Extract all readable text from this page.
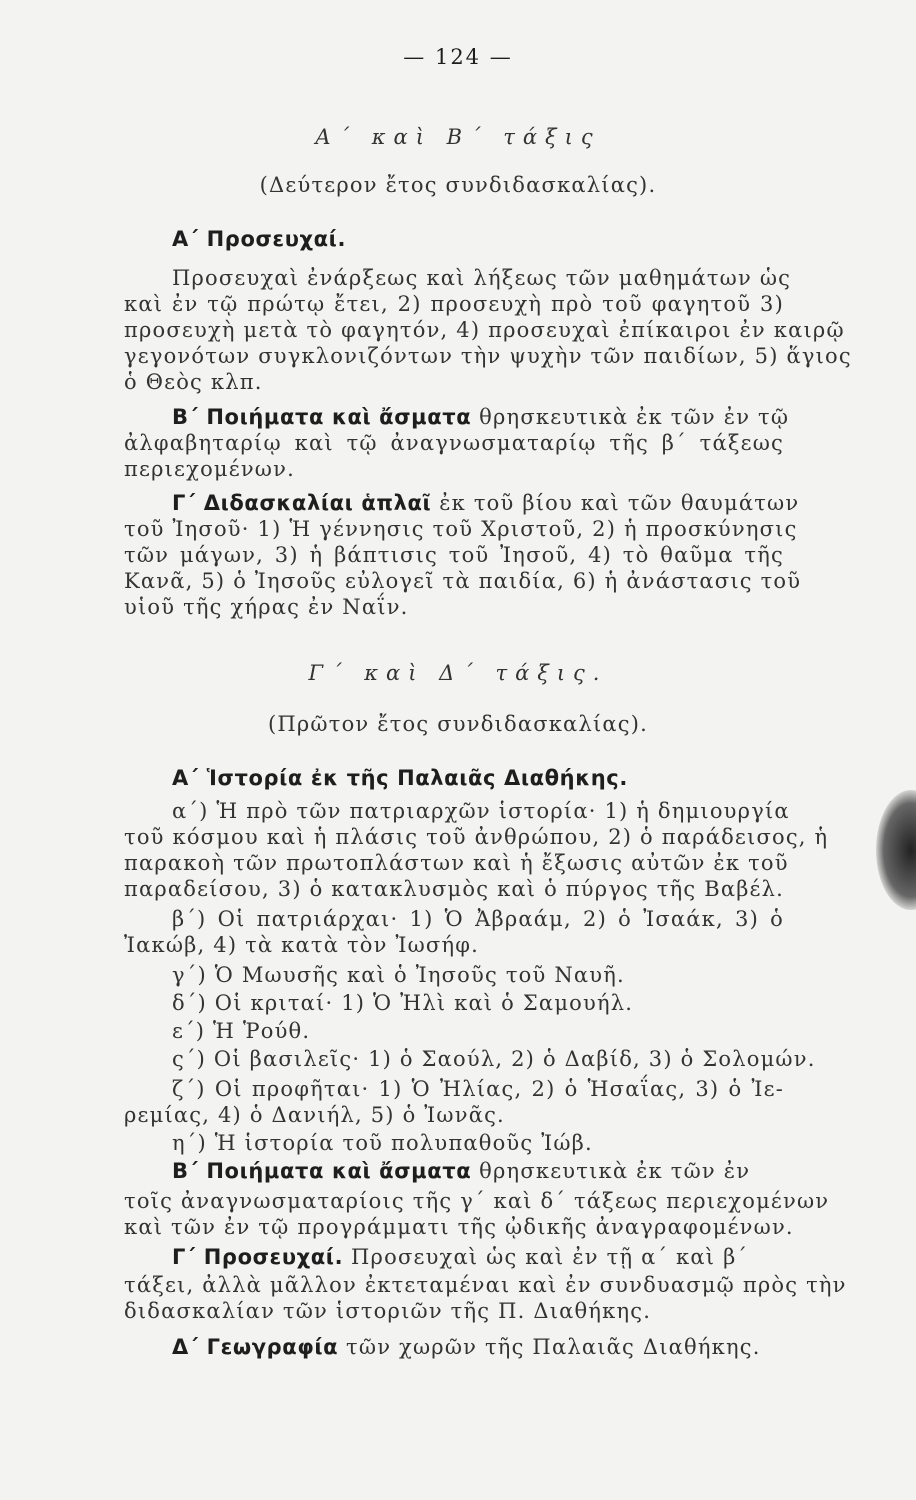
— 124 —
Α΄ καὶ Β΄ τάξις
(Δεύτερον ἔτος συνδιδασκαλίας).
Α΄ Προσευχαί.
Προσευχαὶ ἐνάρξεως καὶ λήξεως τῶν μαθημάτων ὡς
καὶ ἐν τῷ πρώτῳ ἔτει, 2) προσευχὴ πρὸ τοῦ φαγητοῦ 3)
προσευχὴ μετὰ τὸ φαγητόν, 4) προσευχαὶ ἐπίκαιροι ἐν καιρῷ
γεγονότων συγκλονιζόντων τὴν ψυχὴν τῶν παιδίων, 5) ἅγιος
ὁ Θεὸς κλπ.
Β΄ Ποιήματα καὶ ἄσματα θρησκευτικὰ ἐκ τῶν ἐν τῷ
ἀλφαβηταρίῳ καὶ τῷ ἀναγνωσματαρίῳ τῆς β΄ τάξεως
περιεχομένων.
Γ΄ Διδασκαλίαι ἁπλαῖ ἐκ τοῦ βίου καὶ τῶν θαυμάτων
τοῦ Ἰησοῦ· 1) Ἡ γέννησις τοῦ Χριστοῦ, 2) ἡ προσκύνησις
τῶν μάγων, 3) ἡ βάπτισις τοῦ Ἰησοῦ, 4) τὸ θαῦμα τῆς
Κανᾶ, 5) ὁ Ἰησοῦς εὐλογεῖ τὰ παιδία, 6) ἡ ἀνάστασις τοῦ
υἱοῦ τῆς χήρας ἐν Ναΐν.
Γ΄ καὶ Δ΄ τάξις.
(Πρῶτον ἔτος συνδιδασκαλίας).
Α΄ Ἱστορία ἐκ τῆς Παλαιᾶς Διαθήκης.
α΄) Ἡ πρὸ τῶν πατριαρχῶν ἱστορία· 1) ἡ δημιουργία
τοῦ κόσμου καὶ ἡ πλάσις τοῦ ἀνθρώπου, 2) ὁ παράδεισος, ἡ
παρακοὴ τῶν πρωτοπλάστων καὶ ἡ ἔξωσις αὐτῶν ἐκ τοῦ
παραδείσου, 3) ὁ κατακλυσμὸς καὶ ὁ πύργος τῆς Βαβέλ.
β΄) Οἱ πατριάρχαι· 1) Ὁ Ἀβραάμ, 2) ὁ Ἰσαάκ, 3) ὁ
Ἰακώβ, 4) τὰ κατὰ τὸν Ἰωσήφ.
γ΄) Ὁ Μωυσῆς καὶ ὁ Ἰησοῦς τοῦ Ναυῆ.
δ΄) Οἱ κριταί· 1) Ὁ Ἠλὶ καὶ ὁ Σαμουήλ.
ε΄) Ἡ Ῥούθ.
ς΄) Οἱ βασιλεῖς· 1) ὁ Σαούλ, 2) ὁ Δαβίδ, 3) ὁ Σολομών.
ζ΄) Οἱ προφῆται· 1) Ὁ Ἠλίας, 2) ὁ Ἡσαΐας, 3) ὁ Ἰε-
ρεμίας, 4) ὁ Δανιήλ, 5) ὁ Ἰωνᾶς.
η΄) Ἡ ἱστορία τοῦ πολυπαθοῦς Ἰώβ.
Β΄ Ποιήματα καὶ ἄσματα θρησκευτικὰ ἐκ τῶν ἐν
τοῖς ἀναγνωσματαρίοις τῆς γ΄ καὶ δ΄ τάξεως περιεχομένων
καὶ τῶν ἐν τῷ προγράμματι τῆς ᾠδικῆς ἀναγραφομένων.
Γ΄ Προσευχαί. Προσευχαὶ ὡς καὶ ἐν τῇ α΄ καὶ β΄
τάξει, ἀλλὰ μᾶλλον ἐκτεταμέναι καὶ ἐν συνδυασμῷ πρὸς τὴν
διδασκαλίαν τῶν ἱστοριῶν τῆς Π. Διαθήκης.
Δ΄ Γεωγραφία τῶν χωρῶν τῆς Παλαιᾶς Διαθήκης.
